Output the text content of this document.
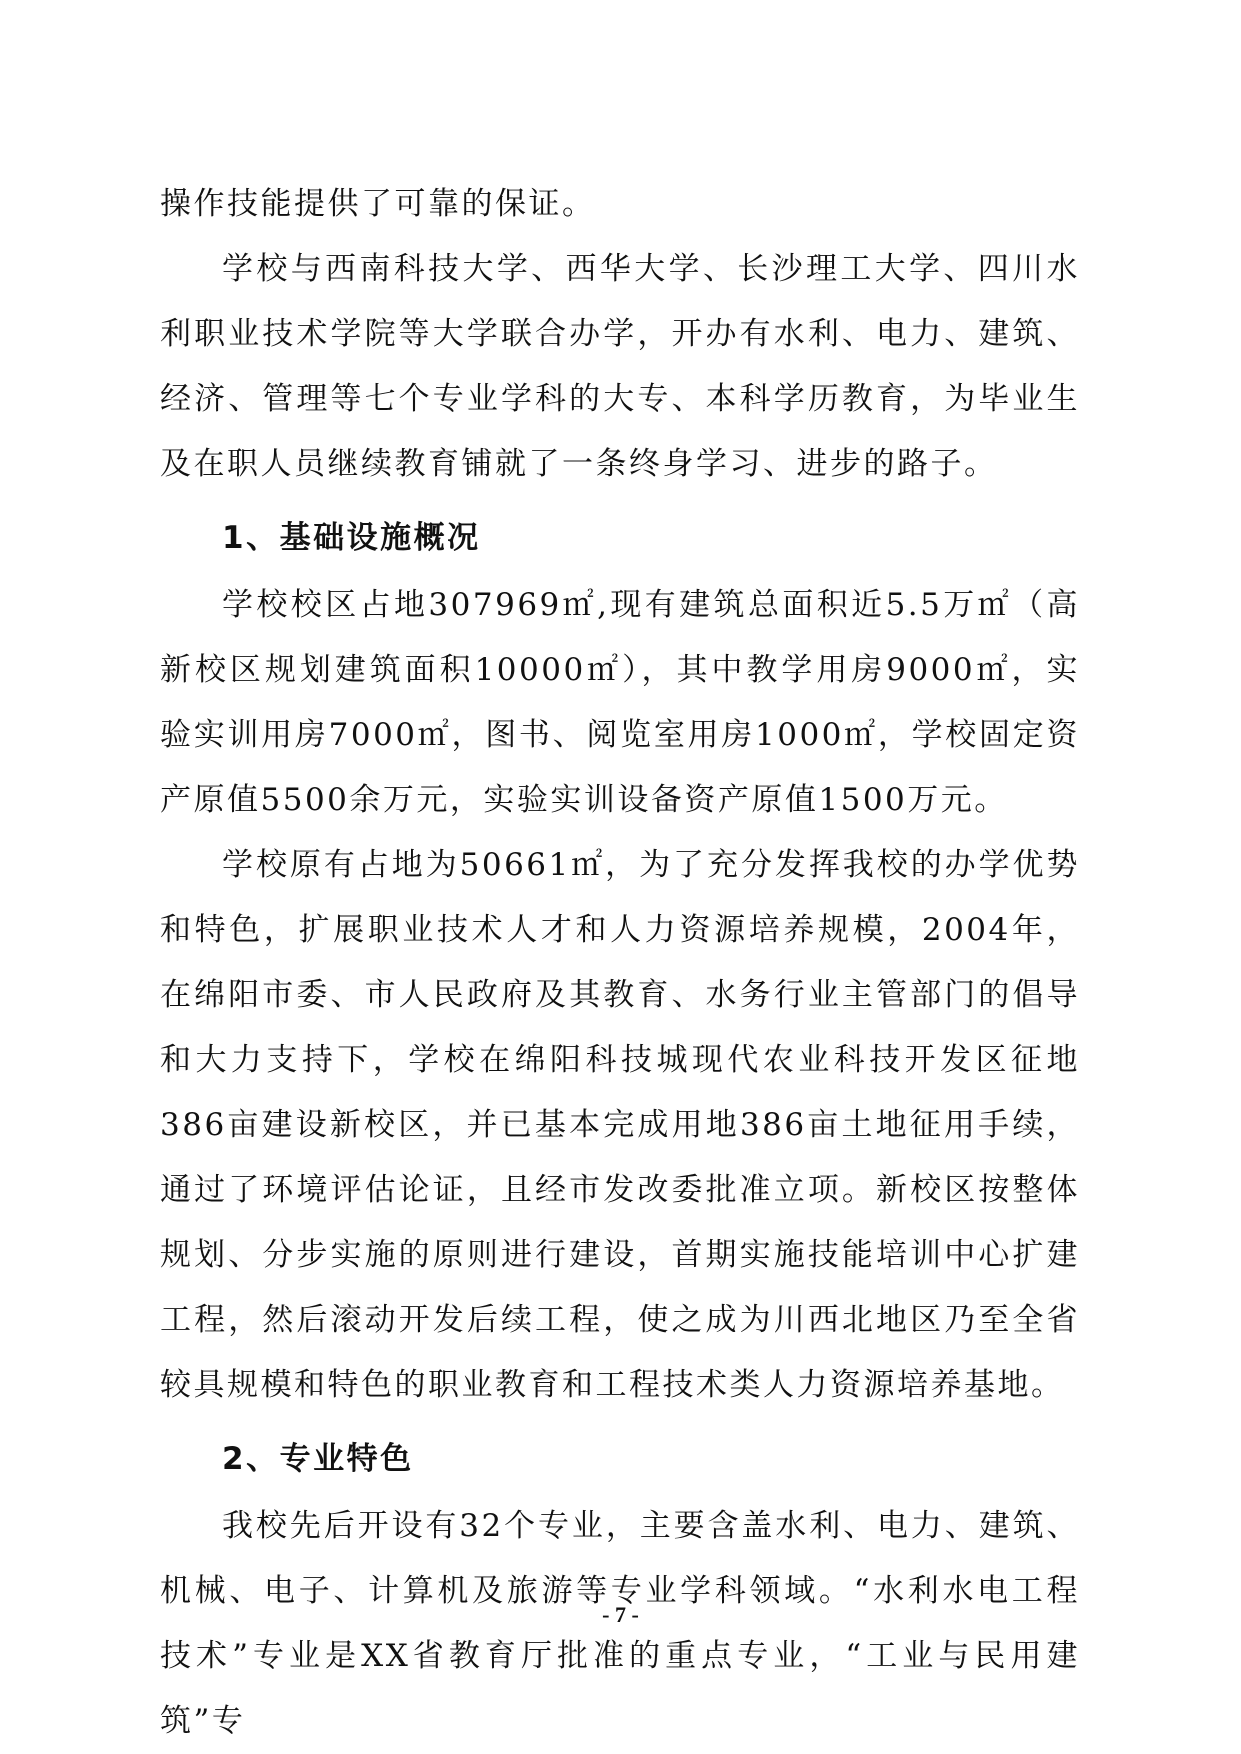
操作技能提供了可靠的保证。

学校与西南科技大学、西华大学、长沙理工大学、四川水利职业技术学院等大学联合办学，开办有水利、电力、建筑、经济、管理等七个专业学科的大专、本科学历教育，为毕业生及在职人员继续教育铺就了一条终身学习、进步的路子。

1、基础设施概况

学校校区占地307969㎡,现有建筑总面积近5.5万㎡（高新校区规划建筑面积10000㎡），其中教学用房9000㎡，实验实训用房7000㎡，图书、阅览室用房1000㎡，学校固定资产原值5500余万元，实验实训设备资产原值1500万元。

学校原有占地为50661㎡，为了充分发挥我校的办学优势和特色，扩展职业技术人才和人力资源培养规模，2004年，在绵阳市委、市人民政府及其教育、水务行业主管部门的倡导和大力支持下，学校在绵阳科技城现代农业科技开发区征地386亩建设新校区，并已基本完成用地386亩土地征用手续，通过了环境评估论证，且经市发改委批准立项。新校区按整体规划、分步实施的原则进行建设，首期实施技能培训中心扩建工程，然后滚动开发后续工程，使之成为川西北地区乃至全省较具规模和特色的职业教育和工程技术类人力资源培养基地。

2、专业特色

我校先后开设有32个专业，主要含盖水利、电力、建筑、机械、电子、计算机及旅游等专业学科领域。“水利水电工程技术”专业是XX省教育厅批准的重点专业，“工业与民用建筑”专

- 7 -
